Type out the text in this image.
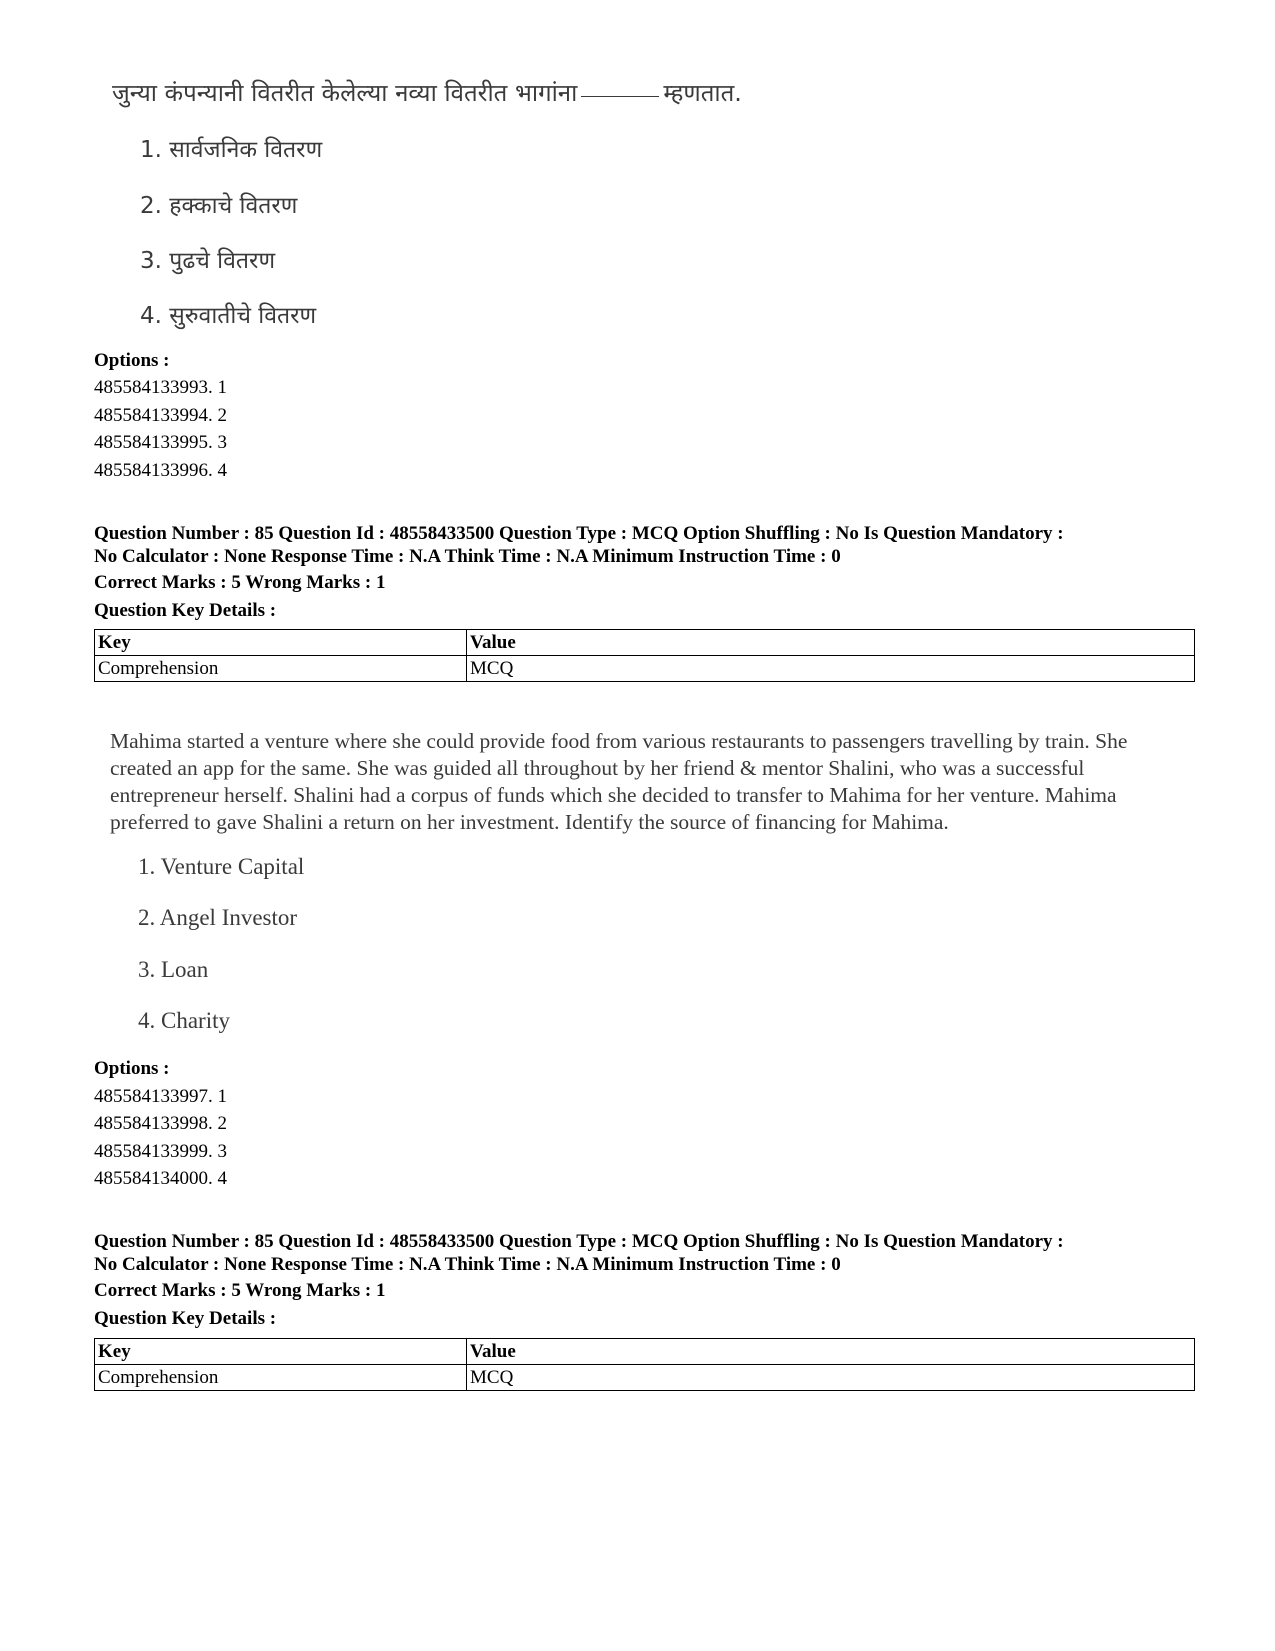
जुन्या कंपन्यानी वितरीत केलेल्या नव्या वितरीत भागांना	म्हणतात.
1. सार्वजनिक वितरण
2. हक्काचे वितरण
3. पुढचे वितरण
4. सुरुवातीचे वितरण
Options :
485584133993. 1
485584133994. 2
485584133995. 3
485584133996. 4
Question Number : 85 Question Id : 48558433500 Question Type : MCQ Option Shuffling : No Is Question Mandatory :
No Calculator : None Response Time : N.A Think Time : N.A Minimum Instruction Time : 0
Correct Marks : 5 Wrong Marks : 1
Question Key Details :
Key	Value
Comprehension	MCQ
Mahima started a venture where she could provide food from various restaurants to passengers travelling by train. She created an app for the same. She was guided all throughout by her friend & mentor Shalini, who was a successful entrepreneur herself. Shalini had a corpus of funds which she decided to transfer to Mahima for her venture. Mahima preferred to gave Shalini a return on her investment. Identify the source of financing for Mahima.
1. Venture Capital
2. Angel Investor
3. Loan
4. Charity
Options :
485584133997. 1
485584133998. 2
485584133999. 3
485584134000. 4
Question Number : 85 Question Id : 48558433500 Question Type : MCQ Option Shuffling : No Is Question Mandatory :
No Calculator : None Response Time : N.A Think Time : N.A Minimum Instruction Time : 0
Correct Marks : 5 Wrong Marks : 1
Question Key Details :
Key	Value
Comprehension	MCQ
